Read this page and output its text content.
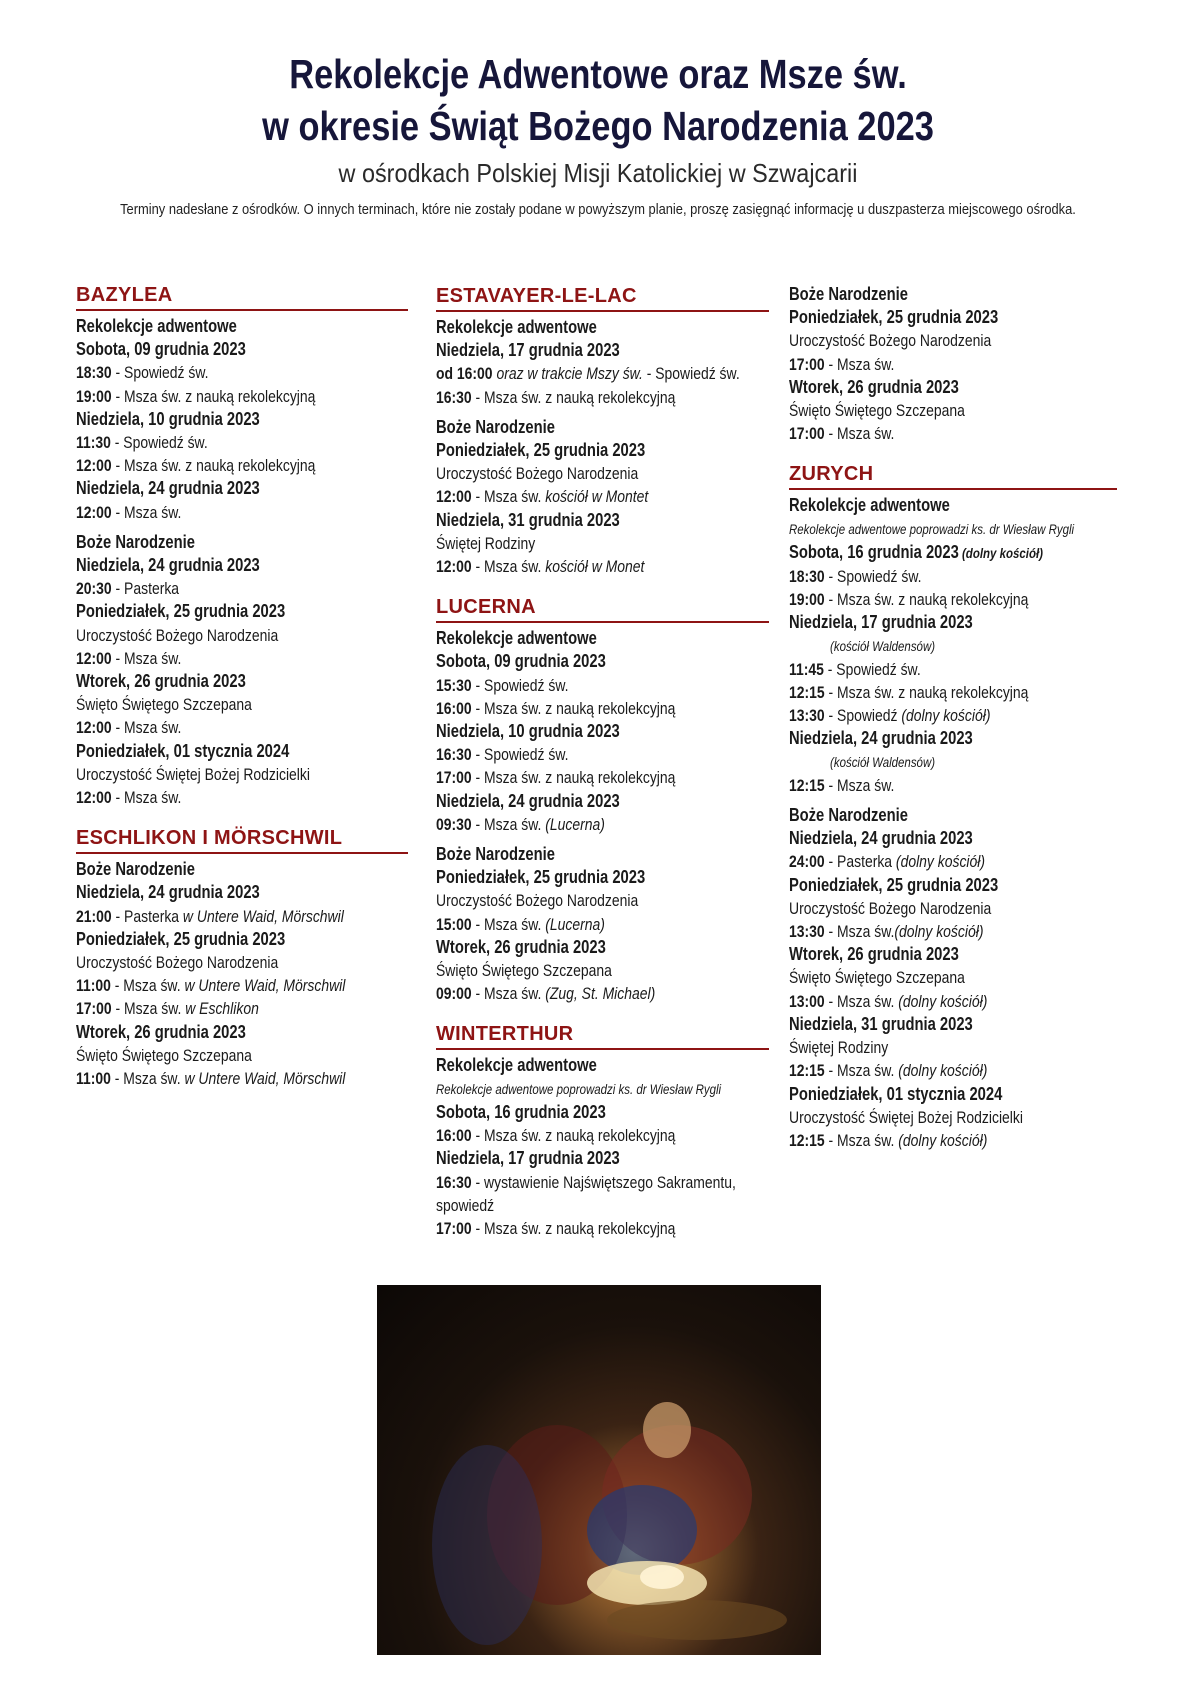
Rekolekcje Adwentowe oraz Msze św.
w okresie Świąt Bożego Narodzenia 2023
w ośrodkach Polskiej Misji Katolickiej w Szwajcarii
Terminy nadesłane z ośrodków. O innych terminach, które nie zostały podane w powyższym planie, proszę zasięgnąć informację u duszpasterza miejscowego ośrodka.
BAZYLEA
Rekolekcje adwentowe
Sobota, 09 grudnia 2023
18:30 - Spowiedź św.
19:00 - Msza św. z nauką rekolekcyjną
Niedziela, 10 grudnia 2023
11:30 - Spowiedź św.
12:00 - Msza św. z nauką rekolekcyjną
Niedziela, 24 grudnia 2023
12:00 - Msza św.
Boże Narodzenie
Niedziela, 24 grudnia 2023
20:30 - Pasterka
Poniedziałek, 25 grudnia 2023
Uroczystość Bożego Narodzenia
12:00 - Msza św.
Wtorek, 26 grudnia 2023
Święto Świętego Szczepana
12:00 - Msza św.
Poniedziałek, 01 stycznia 2024
Uroczystość Świętej Bożej Rodzicielki
12:00 - Msza św.
ESCHLIKON I MÖRSCHWIL
Boże Narodzenie
Niedziela, 24 grudnia 2023
21:00 - Pasterka w Untere Waid, Mörschwil
Poniedziałek, 25 grudnia 2023
Uroczystość Bożego Narodzenia
11:00 - Msza św. w Untere Waid, Mörschwil
17:00 - Msza św. w Eschlikon
Wtorek, 26 grudnia 2023
Święto Świętego Szczepana
11:00 - Msza św. w Untere Waid, Mörschwil
ESTAVAYER-LE-LAC
Rekolekcje adwentowe
Niedziela, 17 grudnia 2023
od 16:00 oraz w trakcie Mszy św. - Spowiedź św.
16:30 - Msza św. z nauką rekolekcyjną
Boże Narodzenie
Poniedziałek, 25 grudnia 2023
Uroczystość Bożego Narodzenia
12:00 - Msza św. kościół w Montet
Niedziela, 31 grudnia 2023
Świętej Rodziny
12:00 - Msza św. kościół w Monet
LUCERNA
Rekolekcje adwentowe
Sobota, 09 grudnia 2023
15:30 - Spowiedź św.
16:00 - Msza św. z nauką rekolekcyjną
Niedziela, 10 grudnia 2023
16:30 - Spowiedź św.
17:00 - Msza św. z nauką rekolekcyjną
Niedziela, 24 grudnia 2023
09:30 - Msza św. (Lucerna)
Boże Narodzenie
Poniedziałek, 25 grudnia 2023
Uroczystość Bożego Narodzenia
15:00 - Msza św. (Lucerna)
Wtorek, 26 grudnia 2023
Święto Świętego Szczepana
09:00 - Msza św. (Zug, St. Michael)
WINTERTHUR
Rekolekcje adwentowe
Rekolekcje adwentowe poprowadzi ks. dr Wiesław Rygli
Sobota, 16 grudnia 2023
16:00 - Msza św. z nauką rekolekcyjną
Niedziela, 17 grudnia 2023
16:30 - wystawienie Najświętszego Sakramentu,
spowiedź
17:00 - Msza św. z nauką rekolekcyjną
Boże Narodzenie
Poniedziałek, 25 grudnia 2023
Uroczystość Bożego Narodzenia
17:00 - Msza św.
Wtorek, 26 grudnia 2023
Święto Świętego Szczepana
17:00 - Msza św.
ZURYCH
Rekolekcje adwentowe
Rekolekcje adwentowe poprowadzi ks. dr Wiesław Rygli
Sobota, 16 grudnia 2023 (dolny kościół)
18:30 - Spowiedź św.
19:00 - Msza św. z nauką rekolekcyjną
Niedziela, 17 grudnia 2023
(kościół Waldensów)
11:45 - Spowiedź św.
12:15 - Msza św. z nauką rekolekcyjną
13:30 - Spowiedź (dolny kościół)
Niedziela, 24 grudnia 2023
(kościół Waldensów)
12:15 - Msza św.
Boże Narodzenie
Niedziela, 24 grudnia 2023
24:00 - Pasterka (dolny kościół)
Poniedziałek, 25 grudnia 2023
Uroczystość Bożego Narodzenia
13:30 - Msza św.(dolny kościół)
Wtorek, 26 grudnia 2023
Święto Świętego Szczepana
13:00 - Msza św. (dolny kościół)
Niedziela, 31 grudnia 2023
Świętej Rodziny
12:15 - Msza św. (dolny kościół)
Poniedziałek, 01 stycznia 2024
Uroczystość Świętej Bożej Rodzicielki
12:15 - Msza św. (dolny kościół)
